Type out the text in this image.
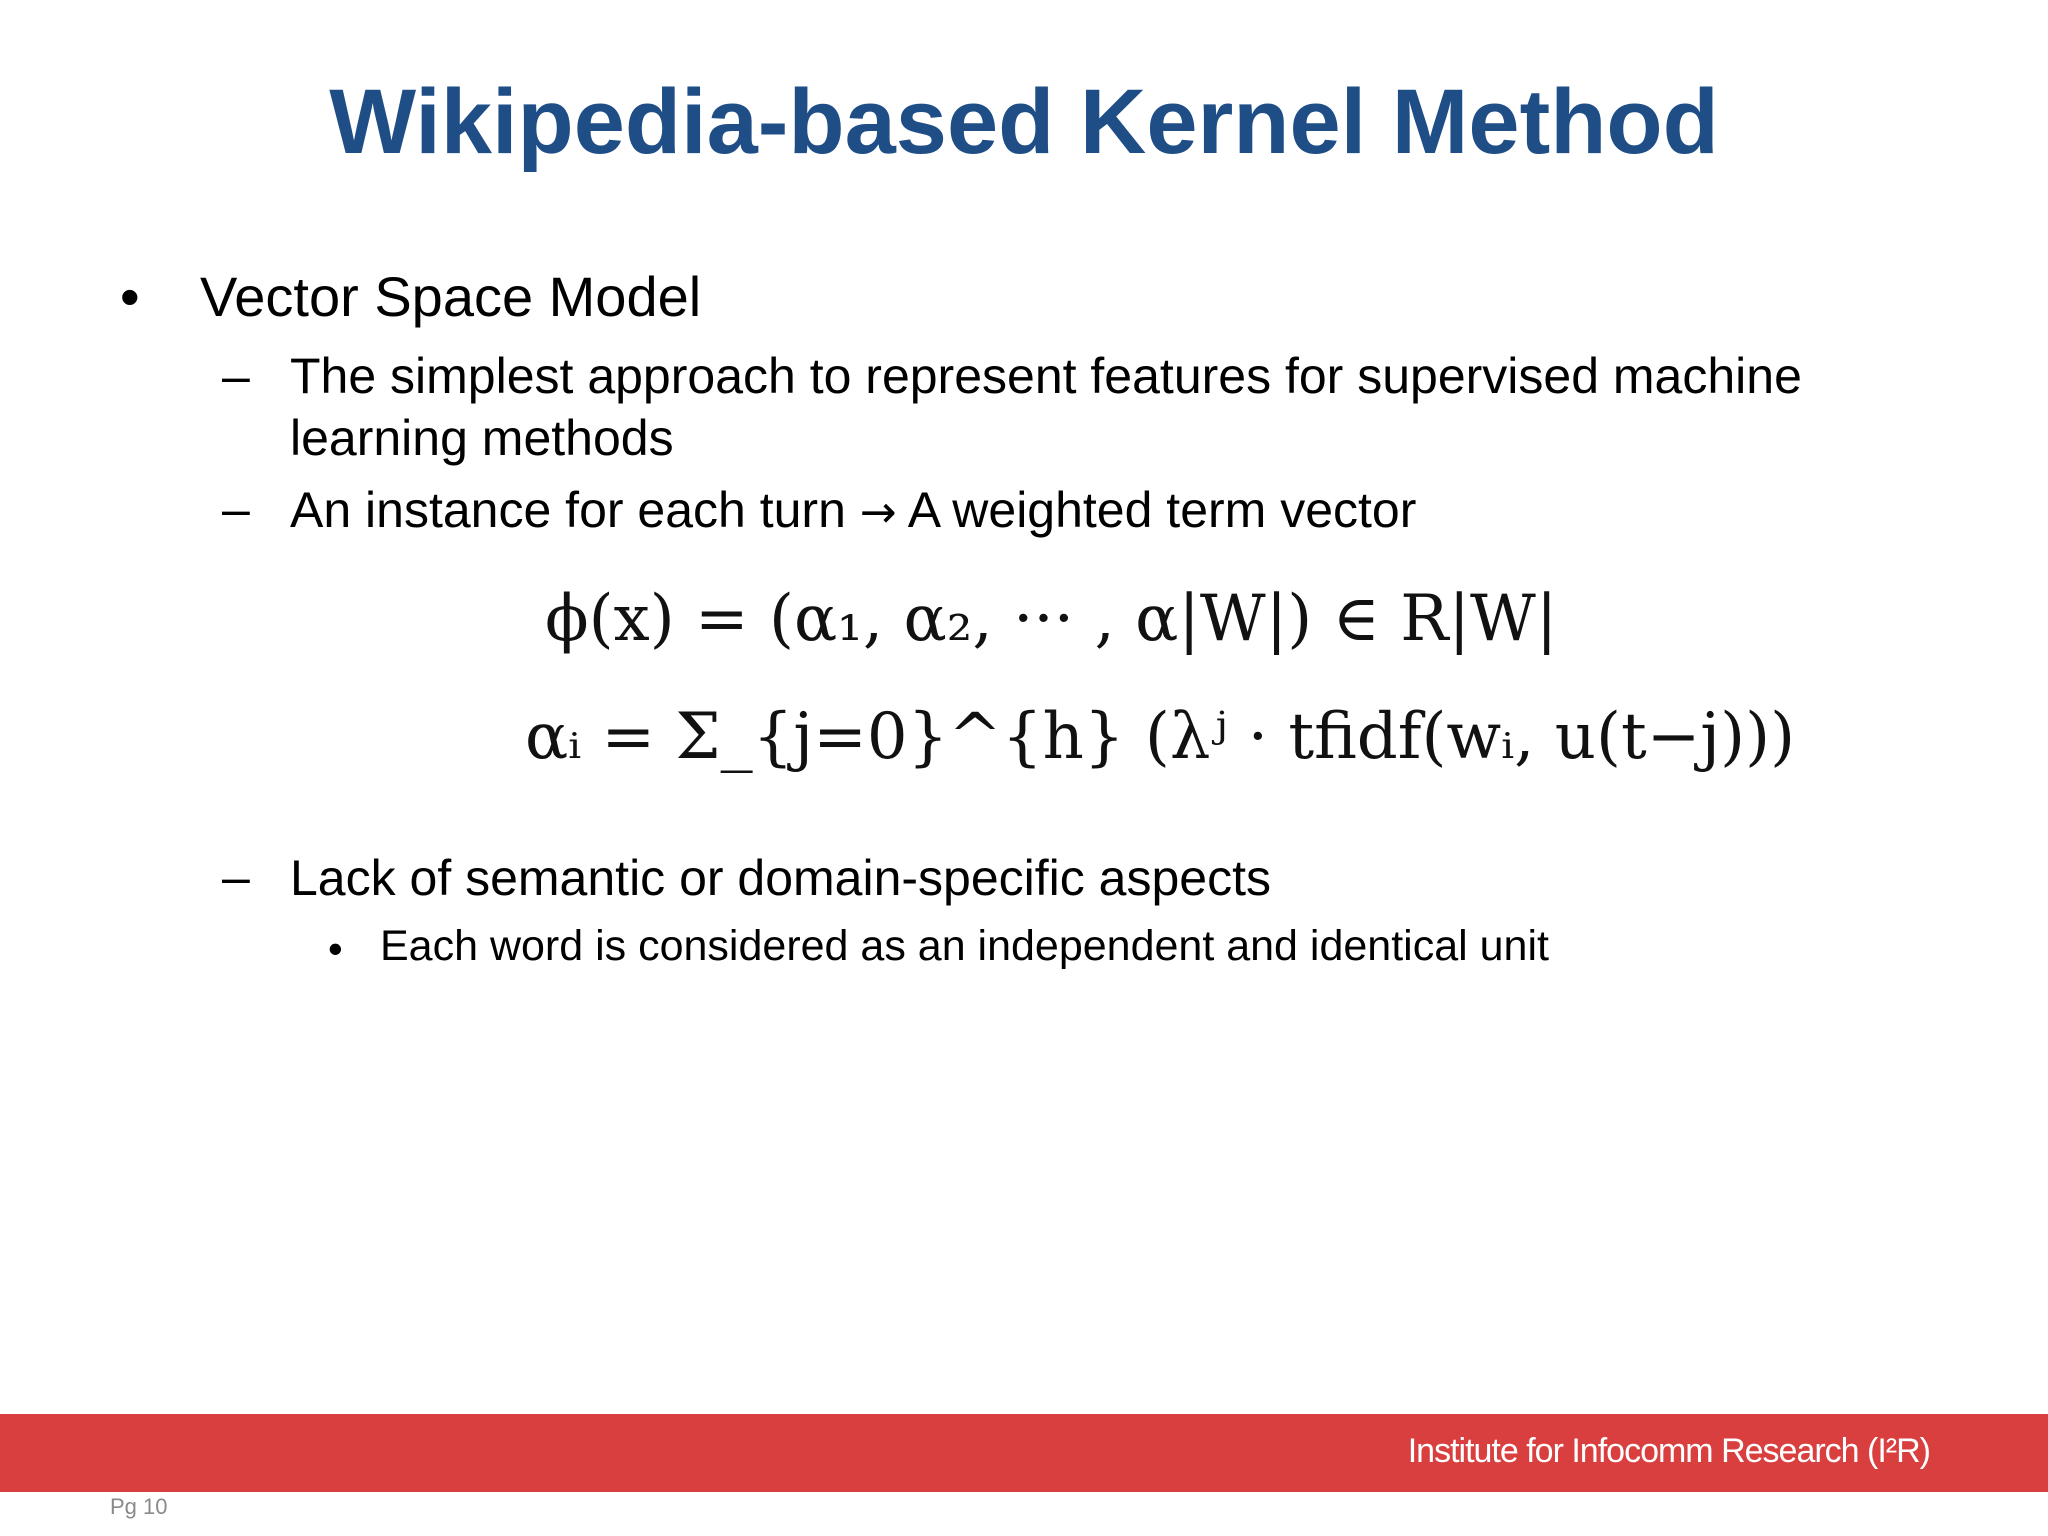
Wikipedia-based Kernel Method
• Vector Space Model
– The simplest approach to represent features for supervised machine
learning methods
– An instance for each turn → A weighted term vector
ϕ(x) = (α₁, α₂, ··· , α|W|) ∈ R|W|
αᵢ = Σ_{j=0}^{h} (λʲ · tfidf(wᵢ, u(t−j)))
– Lack of semantic or domain-specific aspects
• Each word is considered as an independent and identical unit
Institute for Infocomm Research (I²R)
Pg 10
